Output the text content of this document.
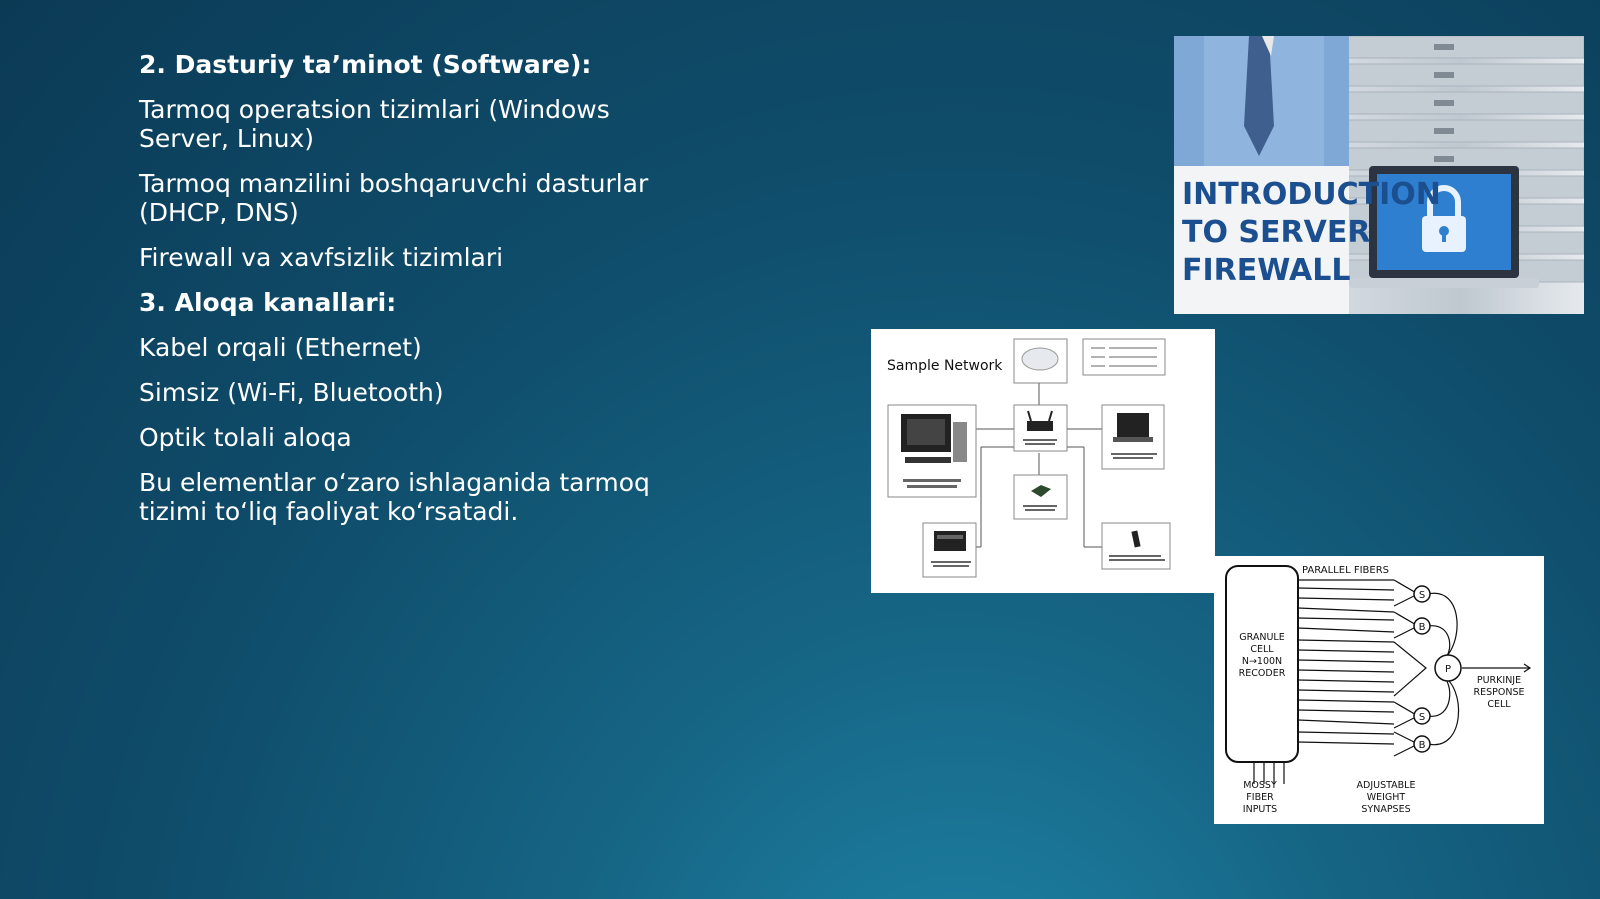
2. Dasturiy ta’minot (Software):
Tarmoq operatsion tizimlari (Windows Server, Linux)
Tarmoq manzilini boshqaruvchi dasturlar (DHCP, DNS)
Firewall va xavfsizlik tizimlari
3. Aloqa kanallari:
Kabel orqali (Ethernet)
Simsiz (Wi-Fi, Bluetooth)
Optik tolali aloqa
Bu elementlar o‘zaro ishlaganida tarmoq tizimi to‘liq faoliyat ko‘rsatadi.
INTRODUCTION
TO SERVER
FIREWALL
Sample Network
PARALLEL FIBERS
S
B
P
S
B
GRANULE
CELL
N→100N
RECODER
PURKINJE
RESPONSE
CELL
MOSSY
FIBER
INPUTS
ADJUSTABLE
WEIGHT
SYNAPSES
